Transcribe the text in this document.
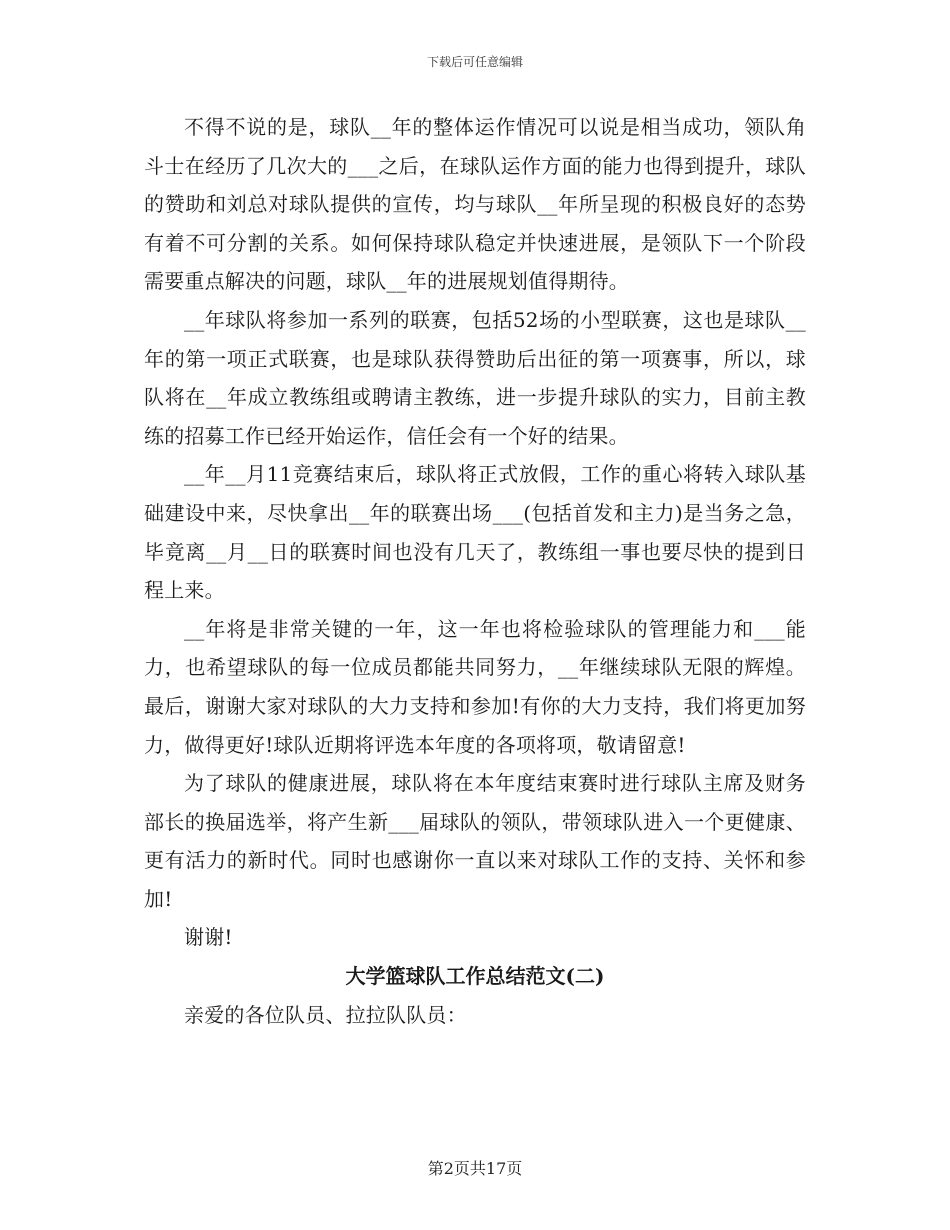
下载后可任意编辑

不得不说的是，球队__年的整体运作情况可以说是相当成功，领队角斗士在经历了几次大的___之后，在球队运作方面的能力也得到提升，球队的赞助和刘总对球队提供的宣传，均与球队__年所呈现的积极良好的态势有着不可分割的关系。如何保持球队稳定并快速进展，是领队下一个阶段需要重点解决的问题，球队__年的进展规划值得期待。

__年球队将参加一系列的联赛，包括52场的小型联赛，这也是球队__年的第一项正式联赛，也是球队获得赞助后出征的第一项赛事，所以，球队将在__年成立教练组或聘请主教练，进一步提升球队的实力，目前主教练的招募工作已经开始运作，信任会有一个好的结果。

__年__月11竞赛结束后，球队将正式放假，工作的重心将转入球队基础建设中来，尽快拿出__年的联赛出场___(包括首发和主力)是当务之急，毕竟离__月__日的联赛时间也没有几天了，教练组一事也要尽快的提到日程上来。

__年将是非常关键的一年，这一年也将检验球队的管理能力和___能力，也希望球队的每一位成员都能共同努力，__年继续球队无限的辉煌。最后，谢谢大家对球队的大力支持和参加!有你的大力支持，我们将更加努力，做得更好!球队近期将评选本年度的各项将项，敬请留意!

为了球队的健康进展，球队将在本年度结束赛时进行球队主席及财务部长的换届选举，将产生新___届球队的领队，带领球队进入一个更健康、更有活力的新时代。同时也感谢你一直以来对球队工作的支持、关怀和参加!

谢谢!

大学篮球队工作总结范文(二)

亲爱的各位队员、拉拉队队员：

第2页共17页
